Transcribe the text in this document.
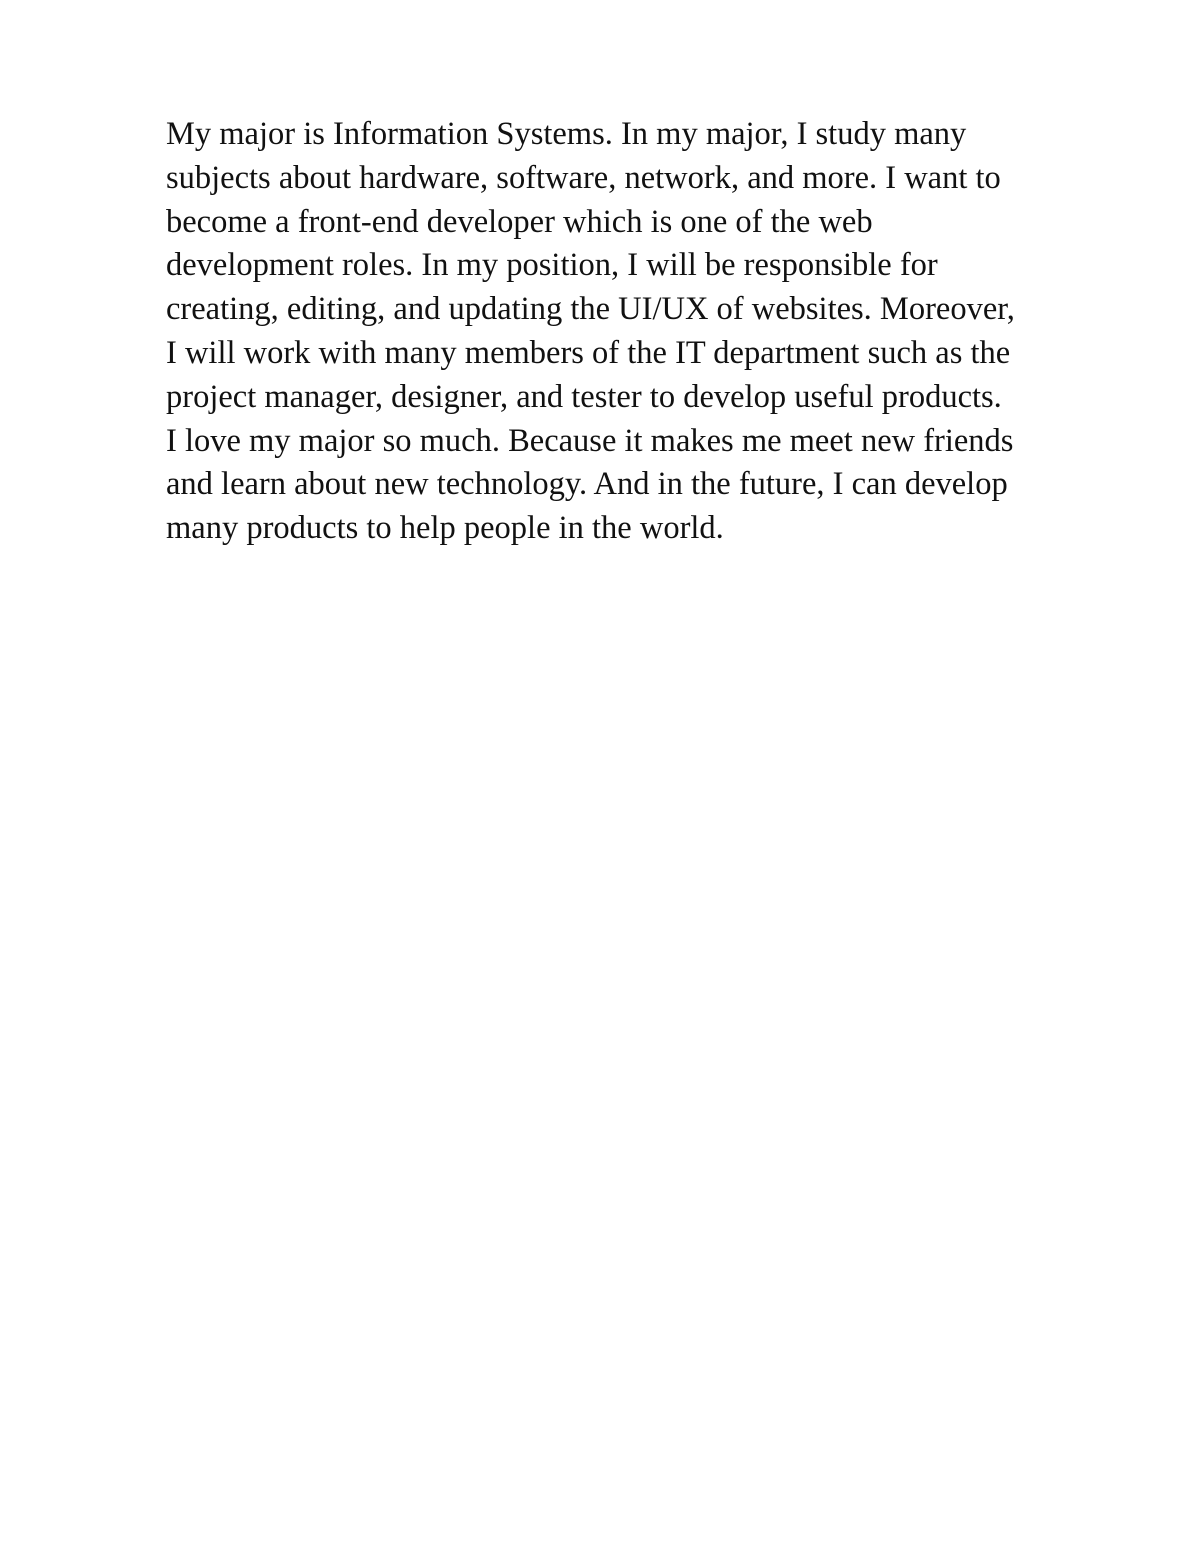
My major is Information Systems. In my major, I study many
subjects about hardware, software, network, and more. I want to
become a front-end developer which is one of the web
development roles. In my position, I will be responsible for
creating, editing, and updating the UI/UX of websites. Moreover,
I will work with many members of the IT department such as the
project manager, designer, and tester to develop useful products.
I love my major so much. Because it makes me meet new friends
and learn about new technology. And in the future, I can develop
many products to help people in the world.
